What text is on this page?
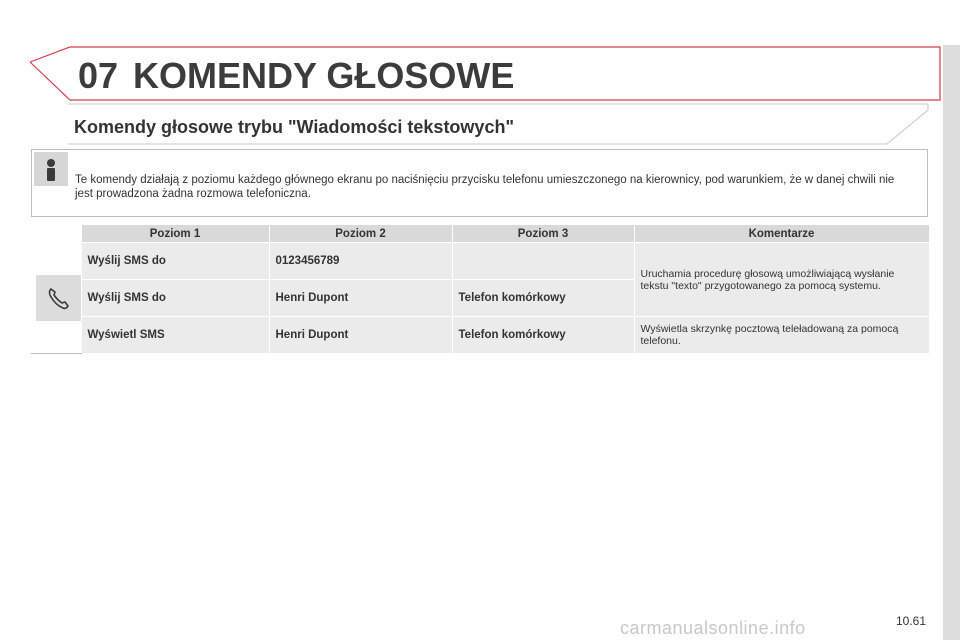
07 KOMENDY GŁOSOWE
Komendy głosowe trybu "Wiadomości tekstowych"
Te komendy działają z poziomu każdego głównego ekranu po naciśnięciu przycisku telefonu umieszczonego na kierownicy, pod warunkiem, że w danej chwili nie jest prowadzona żadna rozmowa telefoniczna.
	Poziom 1	Poziom 2	Poziom 3	Komentarze

	Wyślij SMS do	0123456789		Uruchamia procedurę głosową umożliwiającą wysłanie tekstu "texto" przygotowanego za pomocą systemu.
	Wyślij SMS do	Henri Dupont	Telefon komórkowy	
	Wyświetl SMS	Henri Dupont	Telefon komórkowy	Wyświetla skrzynkę pocztową teleładowaną za pomocą telefonu.
carmanualsonline.info	10.61
